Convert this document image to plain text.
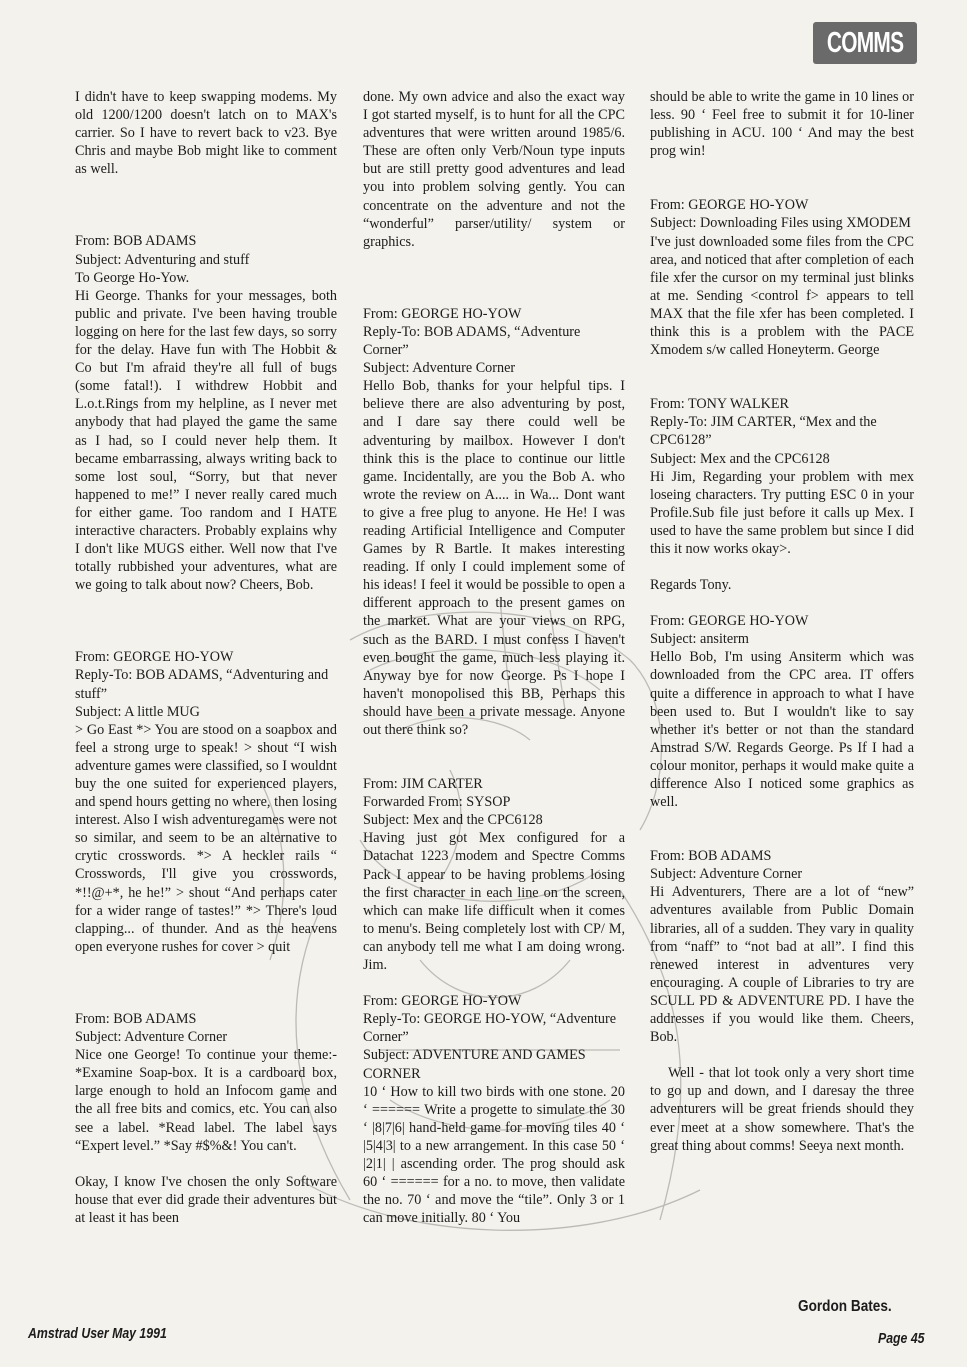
COMMS

I didn't have to keep swapping modems. My old 1200/1200 doesn't latch on to MAX's carrier. So I have to revert back to v23. Bye Chris and maybe Bob might like to comment as well.

From: BOB ADAMS

Subject: Adventuring and stuff

To George Ho-Yow.

Hi George. Thanks for your messages, both public and private. I've been having trouble logging on here for the last few days, so sorry for the delay. Have fun with The Hobbit & Co but I'm afraid they're all full of bugs (some fatal!). I withdrew Hobbit and L.o.t.Rings from my helpline, as I never met anybody that had played the game the same as I had, so I could never help them. It became embarrassing, always writing back to some lost soul, “Sorry, but that never happened to me!” I never really cared much for either game. Too random and I HATE interactive characters. Probably explains why I don't like MUGS either. Well now that I've totally rubbished your adventures, what are we going to talk about now? Cheers, Bob.

From: GEORGE HO-YOW

Reply-To: BOB ADAMS, “Adventuring and stuff”

Subject: A little MUG

> Go East *> You are stood on a soapbox and feel a strong urge to speak! > shout “I wish adventure games were classified, so I wouldnt

buy the one suited for experienced players, and spend hours getting no where, then losing interest. Also I wish adventuregames were not so similar, and seem to be an alternative to crytic crosswords. *> A heckler rails “ Crosswords, I'll give you crosswords, *!!@+*, he he!” > shout “And perhaps cater for a wider range of tastes!” *> There's loud clapping... of thunder. And as the heavens open everyone rushes for cover > quit

From: BOB ADAMS

Subject: Adventure Corner

Nice one George! To continue your theme:- *Examine Soap-box. It is a cardboard box, large enough to hold an Infocom game and the all free bits and comics, etc. You can also see a label. *Read label. The label says “Expert level.” *Say #$%&! You can't.

Okay, I know I've chosen the only Software house that ever did grade their adventures but at least it has been

done. My own advice and also the exact way I got started myself, is to hunt for all the CPC adventures that were written around 1985/6. These are often only Verb/Noun type inputs but are still pretty good adventures and lead you into problem solving gently. You can concentrate on the adventure and not the “wonderful” parser/utility/ system or graphics.

From: GEORGE HO-YOW

Reply-To: BOB ADAMS, “Adventure Corner”

Subject: Adventure Corner

Hello Bob, thanks for your helpful tips. I believe there are also adventuring by post, and I dare say there could well be adventuring by mailbox. However I don't think this is the place to continue our little game. Incidentally, are you the Bob A. who wrote the review on A.... in Wa... Dont want to give a free plug to anyone. He He! I was reading Artificial Intelligence and Computer Games by R Bartle. It makes interesting reading. If only I could implement some of his ideas! I feel it would be possible to open a different approach to the present games on the market. What are your views on RPG, such as the BARD. I must confess I haven't even bought the game, much less playing it. Anyway bye for now George. Ps I hope I haven't monopolised this BB, Perhaps this should have been a private message. Anyone out there think so?

From: JIM CARTER

Forwarded From: SYSOP

Subject: Mex and the CPC6128

Having just got Mex configured for a Datachat 1223 modem and Spectre Comms Pack I appear to be having problems losing the first character in each line on the screen, which can make life difficult when it comes to menu's. Being completely lost with CP/ M, can anybody tell me what I am doing wrong. Jim.

From: GEORGE HO-YOW

Reply-To: GEORGE HO-YOW, “Adventure Corner”

Subject: ADVENTURE AND GAMES CORNER

10 ‘ How to kill two birds with one stone. 20 ‘ ====== Write a progette to simulate the 30 ‘ |8|7|6| hand-held game for moving tiles 40 ‘ |5|4|3| to a new arrangement. In this case 50 ‘ |2|1| | ascending order. The prog should ask 60 ‘ ====== for a no. to move, then validate the no. 70 ‘ and move the “tile”. Only 3 or 1 can move initially. 80 ‘ You

should be able to write the game in 10 lines or less. 90 ‘ Feel free to submit it for 10-liner publishing in ACU. 100 ‘ And may the best prog win!

From: GEORGE HO-YOW

Subject: Downloading Files using XMODEM

I've just downloaded some files from the CPC area, and noticed that after completion of each file xfer the cursor on my terminal just blinks at me. Sending <control f> appears to tell MAX that the file xfer has been completed. I think this is a problem with the PACE Xmodem s/w called Honeyterm. George

From: TONY WALKER

Reply-To: JIM CARTER, “Mex and the CPC6128”

Subject: Mex and the CPC6128

Hi Jim, Regarding your problem with mex loseing characters. Try putting ESC 0 in your Profile.Sub file just before it calls up Mex. I used to have the same problem but since I did this it now works okay>.

Regards Tony.

From: GEORGE HO-YOW

Subject: ansiterm

Hello Bob, I'm using Ansiterm which was downloaded from the CPC area. IT offers quite a difference in approach to what I have been used to. But I wouldn't like to say whether it's better or not than the standard Amstrad S/W. Regards George. Ps If I had a colour monitor, perhaps it would make quite a difference Also I noticed some graphics as well.

From: BOB ADAMS

Subject: Adventure Corner

Hi Adventurers, There are a lot of “new” adventures available from Public Domain libraries, all of a sudden. They vary in quality from “naff” to “not bad at all”. I find this renewed interest in adventures very encouraging. A couple of Libraries to try are SCULL PD & ADVENTURE PD. I have the addresses if you would like them. Cheers, Bob.

Well - that lot took only a very short time to go up and down, and I daresay the three adventurers will be great friends should they ever meet at a show somewhere. That's the great thing about comms! Seeya next month.

Gordon Bates.
Amstrad User May 1991	Page 45
